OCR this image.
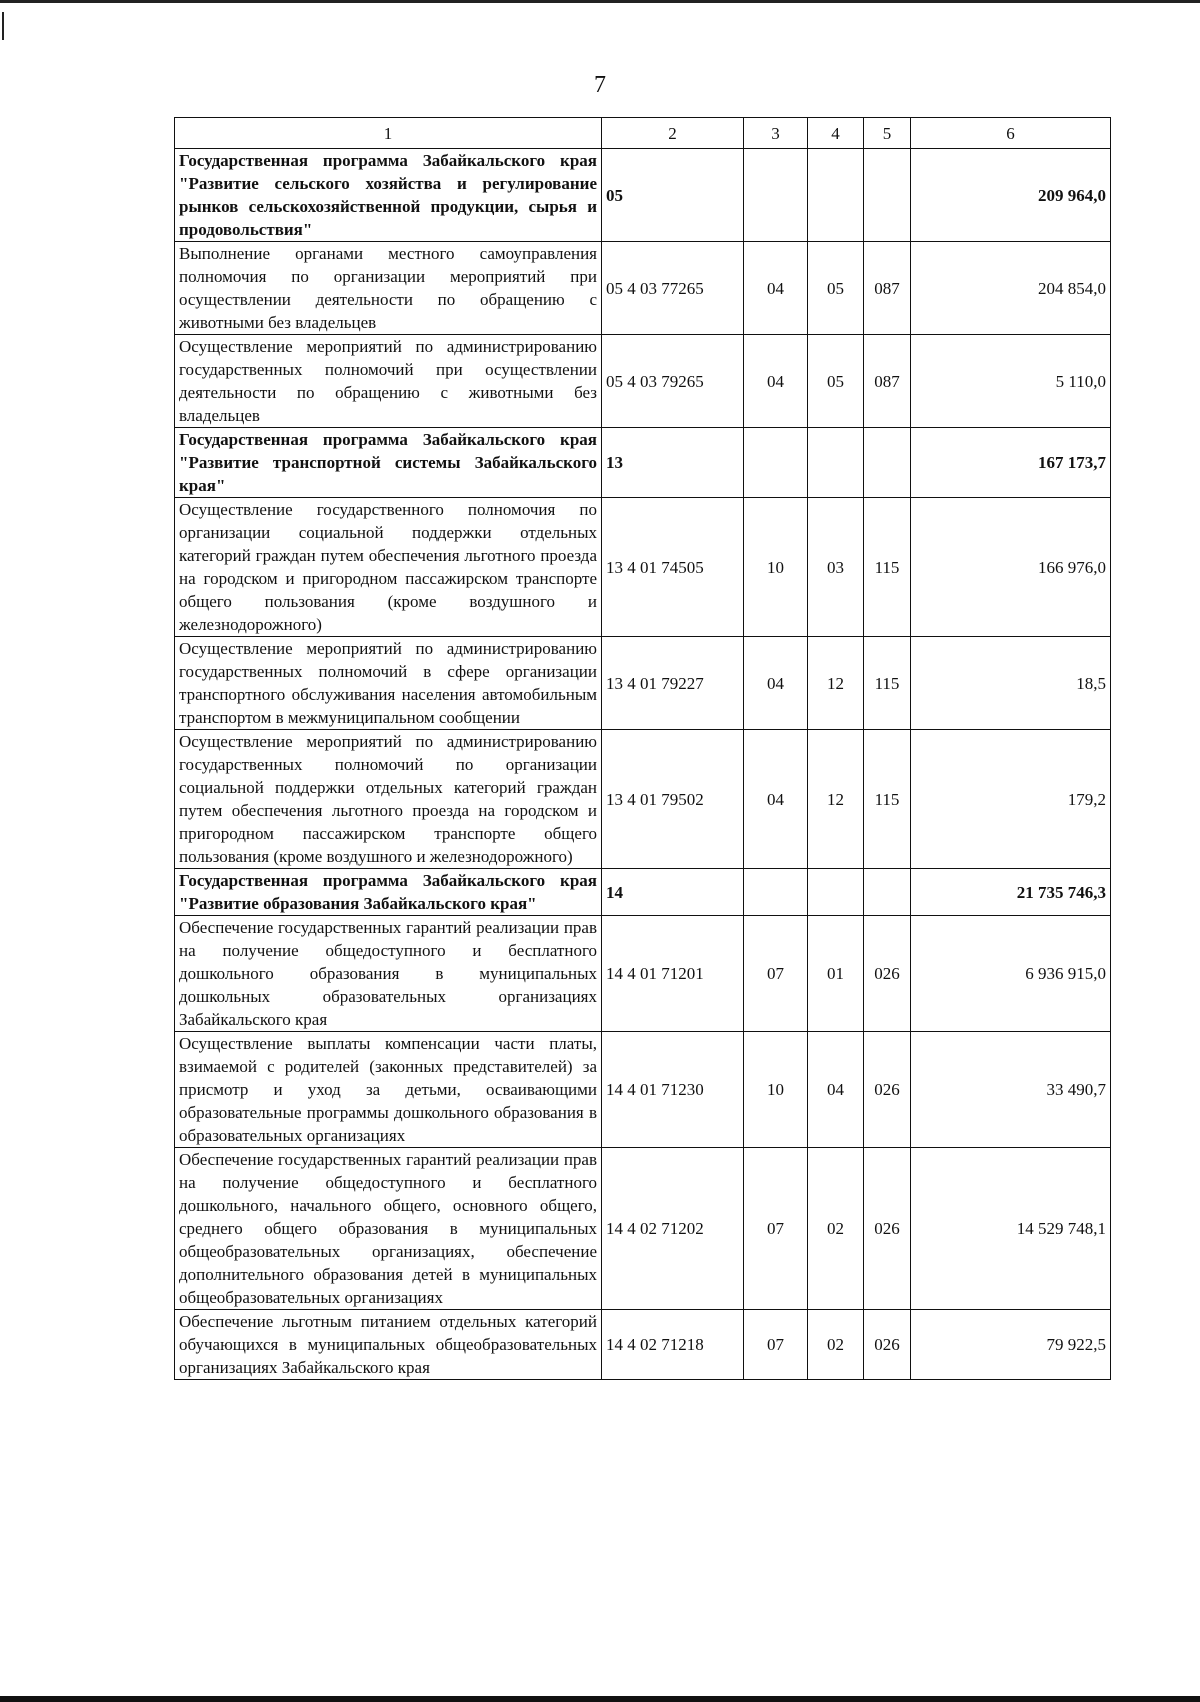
7
1	2	3	4	5	6
Государственная программа Забайкальского края "Развитие сельского хозяйства и регулирование рынков сельскохозяйственной продукции, сырья и продовольствия"	05				209 964,0
Выполнение органами местного самоуправления полномочия по организации мероприятий при осуществлении деятельности по обращению с животными без владельцев	05 4 03 77265	04	05	087	204 854,0
Осуществление мероприятий по администрированию государственных полномочий при осуществлении деятельности по обращению с животными без владельцев	05 4 03 79265	04	05	087	5 110,0
Государственная программа Забайкальского края "Развитие транспортной системы Забайкальского края"	13				167 173,7
Осуществление государственного полномочия по организации социальной поддержки отдельных категорий граждан путем обеспечения льготного проезда на городском и пригородном пассажирском транспорте общего пользования (кроме воздушного и железнодорожного)	13 4 01 74505	10	03	115	166 976,0
Осуществление мероприятий по администрированию государственных полномочий в сфере организации транспортного обслуживания населения автомобильным транспортом в межмуниципальном сообщении	13 4 01 79227	04	12	115	18,5
Осуществление мероприятий по администрированию государственных полномочий по организации социальной поддержки отдельных категорий граждан путем обеспечения льготного проезда на городском и пригородном пассажирском транспорте общего пользования (кроме воздушного и железнодорожного)	13 4 01 79502	04	12	115	179,2
Государственная программа Забайкальского края "Развитие образования Забайкальского края"	14				21 735 746,3
Обеспечение государственных гарантий реализации прав на получение общедоступного и бесплатного дошкольного образования в муниципальных дошкольных образовательных организациях Забайкальского края	14 4 01 71201	07	01	026	6 936 915,0
Осуществление выплаты компенсации части платы, взимаемой с родителей (законных представителей) за присмотр и уход за детьми, осваивающими образовательные программы дошкольного образования в образовательных организациях	14 4 01 71230	10	04	026	33 490,7
Обеспечение государственных гарантий реализации прав на получение общедоступного и бесплатного дошкольного, начального общего, основного общего, среднего общего образования в муниципальных общеобразовательных организациях, обеспечение дополнительного образования детей в муниципальных общеобразовательных организациях	14 4 02 71202	07	02	026	14 529 748,1
Обеспечение льготным питанием отдельных категорий обучающихся в муниципальных общеобразовательных организациях Забайкальского края	14 4 02 71218	07	02	026	79 922,5
